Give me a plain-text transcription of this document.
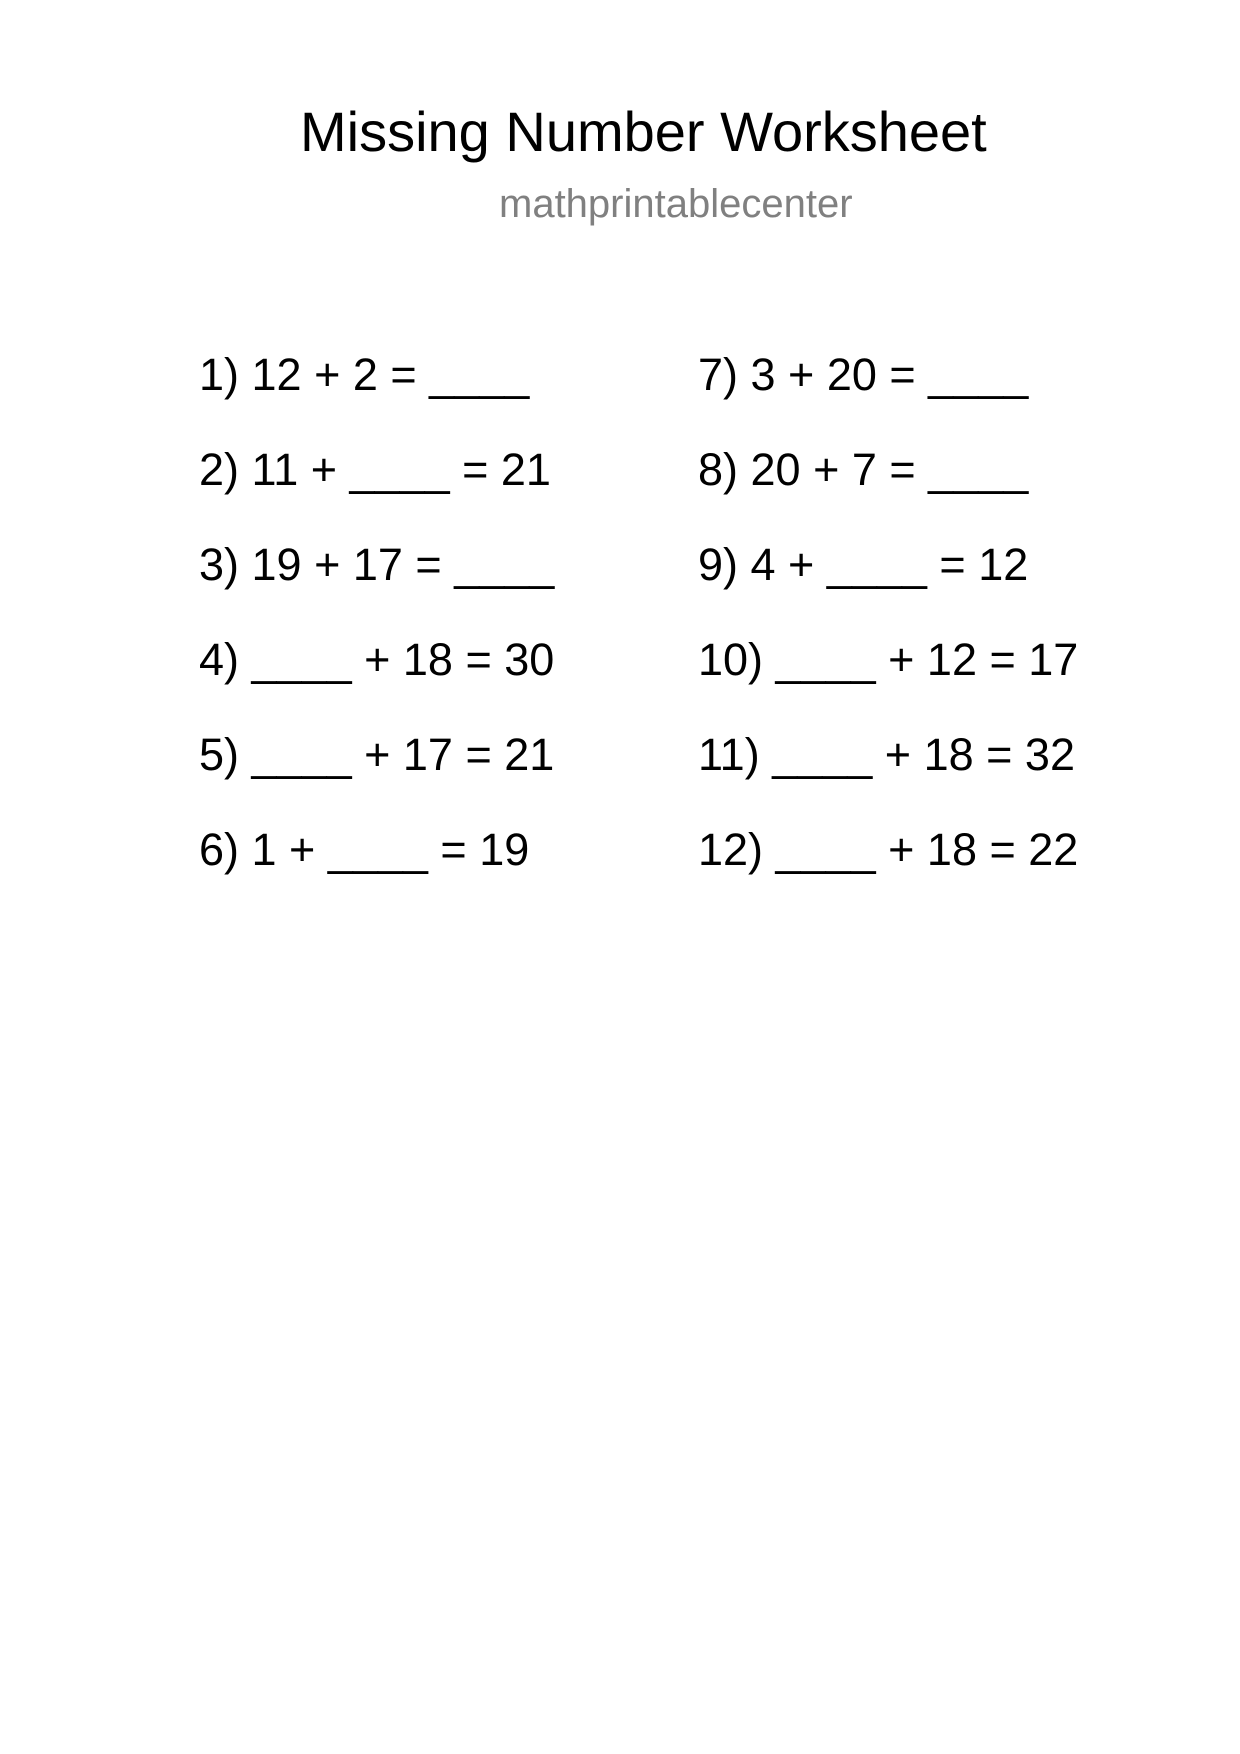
Missing Number Worksheet
mathprintablecenter
1) 12 + 2 = ____
2) 11 + ____ = 21
3) 19 + 17 = ____
4) ____ + 18 = 30
5) ____ + 17 = 21
6) 1 + ____ = 19
7) 3 + 20 = ____
8) 20 + 7 = ____
9) 4 + ____ = 12
10) ____ + 12 = 17
11) ____ + 18 = 32
12) ____ + 18 = 22
